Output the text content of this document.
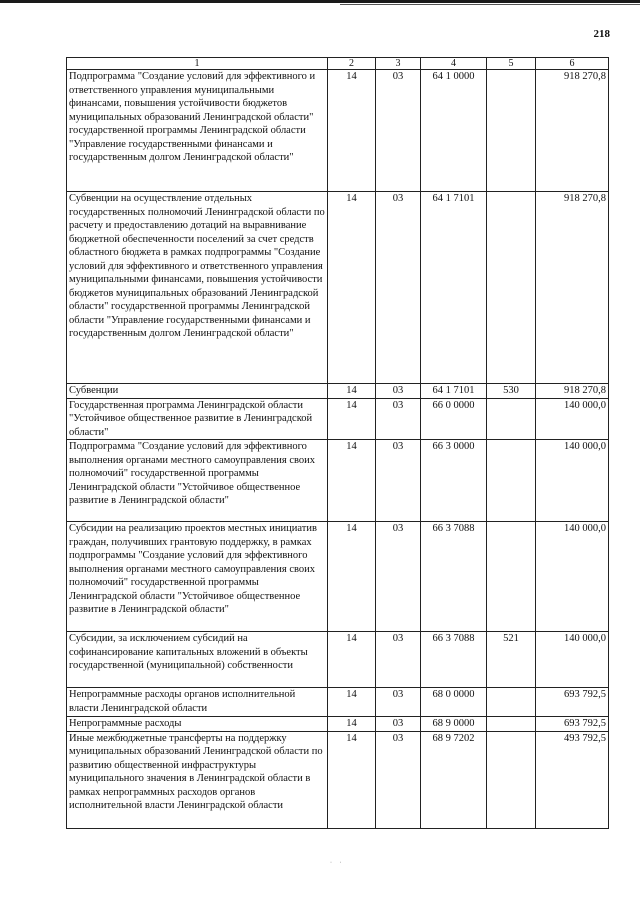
218
1	2	3	4	5	6
Подпрограмма "Создание условий для эффективного и ответственного управления муниципальными финансами, повышения устойчивости бюджетов муниципальных образований Ленинградской области" государственной программы Ленинградской области "Управление государственными финансами и государственным долгом Ленинградской области"	14	03	64 1 0000		918 270,8
Субвенции на осуществление отдельных государственных полномочий Ленинградской области по расчету и предоставлению дотаций на выравнивание бюджетной обеспеченности поселений за счет средств областного бюджета в рамках подпрограммы "Создание условий для эффективного и ответственного управления муниципальными финансами, повышения устойчивости бюджетов муниципальных образований Ленинградской области" государственной программы Ленинградской области "Управление государственными финансами и государственным долгом Ленинградской области"	14	03	64 1 7101		918 270,8
Субвенции	14	03	64 1 7101	530	918 270,8
Государственная программа Ленинградской области "Устойчивое общественное развитие в Ленинградской области"	14	03	66 0 0000		140 000,0
Подпрограмма "Создание условий для эффективного выполнения органами местного самоуправления своих полномочий" государственной программы Ленинградской области "Устойчивое общественное развитие в Ленинградской области"	14	03	66 3 0000		140 000,0
Субсидии на реализацию проектов местных инициатив граждан, получивших грантовую поддержку, в рамках подпрограммы "Создание условий для эффективного выполнения органами местного самоуправления своих полномочий" государственной программы Ленинградской области "Устойчивое общественное развитие в Ленинградской области"	14	03	66 3 7088		140 000,0
Субсидии, за исключением субсидий на софинансирование капитальных вложений в объекты государственной (муниципальной) собственности	14	03	66 3 7088	521	140 000,0
Непрограммные расходы органов исполнительной власти Ленинградской области	14	03	68 0 0000		693 792,5
Непрограммные расходы	14	03	68 9 0000		693 792,5
Иные межбюджетные трансферты на поддержку муниципальных образований Ленинградской области по развитию общественной инфраструктуры муниципального значения в Ленинградской области в рамках непрограммных расходов органов исполнительной власти Ленинградской области	14	03	68 9 7202		493 792,5
·     ·
